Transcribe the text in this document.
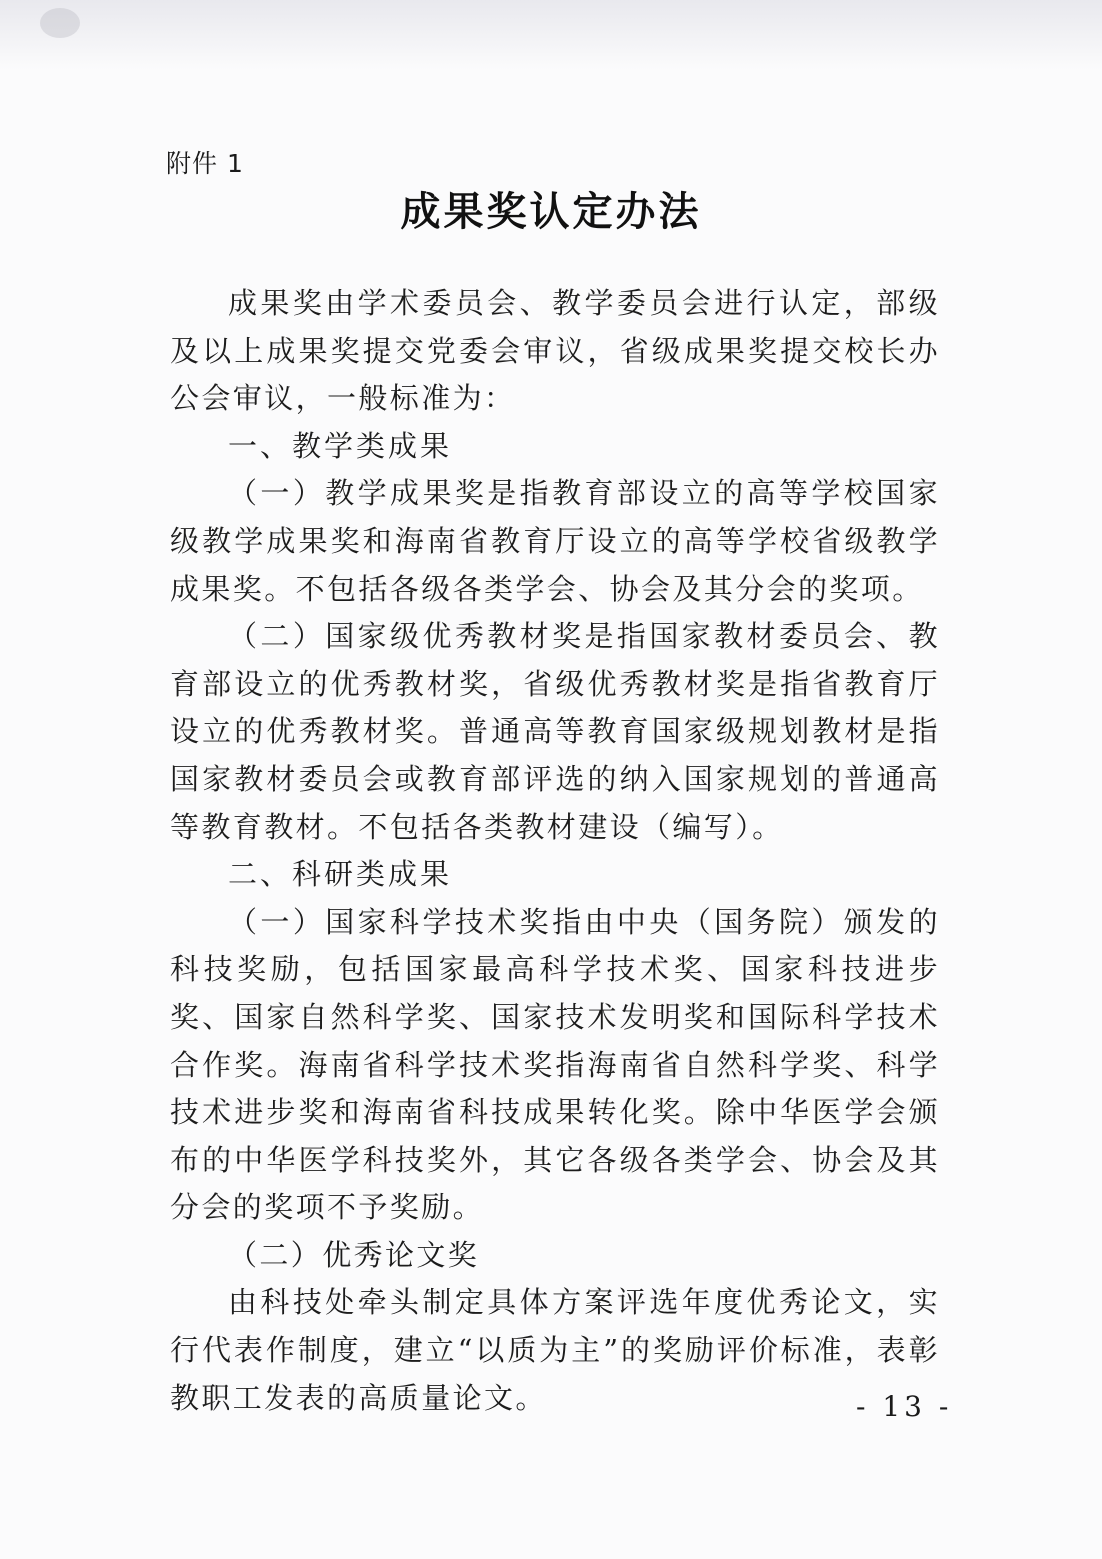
附件 1
成果奖认定办法

成果奖由学术委员会、教学委员会进行认定，部级及以上成果奖提交党委会审议，省级成果奖提交校长办公会审议，一般标准为：

一、教学类成果

（一）教学成果奖是指教育部设立的高等学校国家级教学成果奖和海南省教育厅设立的高等学校省级教学成果奖。不包括各级各类学会、协会及其分会的奖项。

（二）国家级优秀教材奖是指国家教材委员会、教育部设立的优秀教材奖，省级优秀教材奖是指省教育厅设立的优秀教材奖。普通高等教育国家级规划教材是指国家教材委员会或教育部评选的纳入国家规划的普通高等教育教材。不包括各类教材建设（编写）。

二、科研类成果

（一）国家科学技术奖指由中央（国务院）颁发的科技奖励，包括国家最高科学技术奖、国家科技进步奖、国家自然科学奖、国家技术发明奖和国际科学技术合作奖。海南省科学技术奖指海南省自然科学奖、科学技术进步奖和海南省科技成果转化奖。除中华医学会颁布的中华医学科技奖外，其它各级各类学会、协会及其分会的奖项不予奖励。

（二）优秀论文奖

由科技处牵头制定具体方案评选年度优秀论文，实行代表作制度，建立“以质为主”的奖励评价标准，表彰教职工发表的高质量论文。	- 13 -
